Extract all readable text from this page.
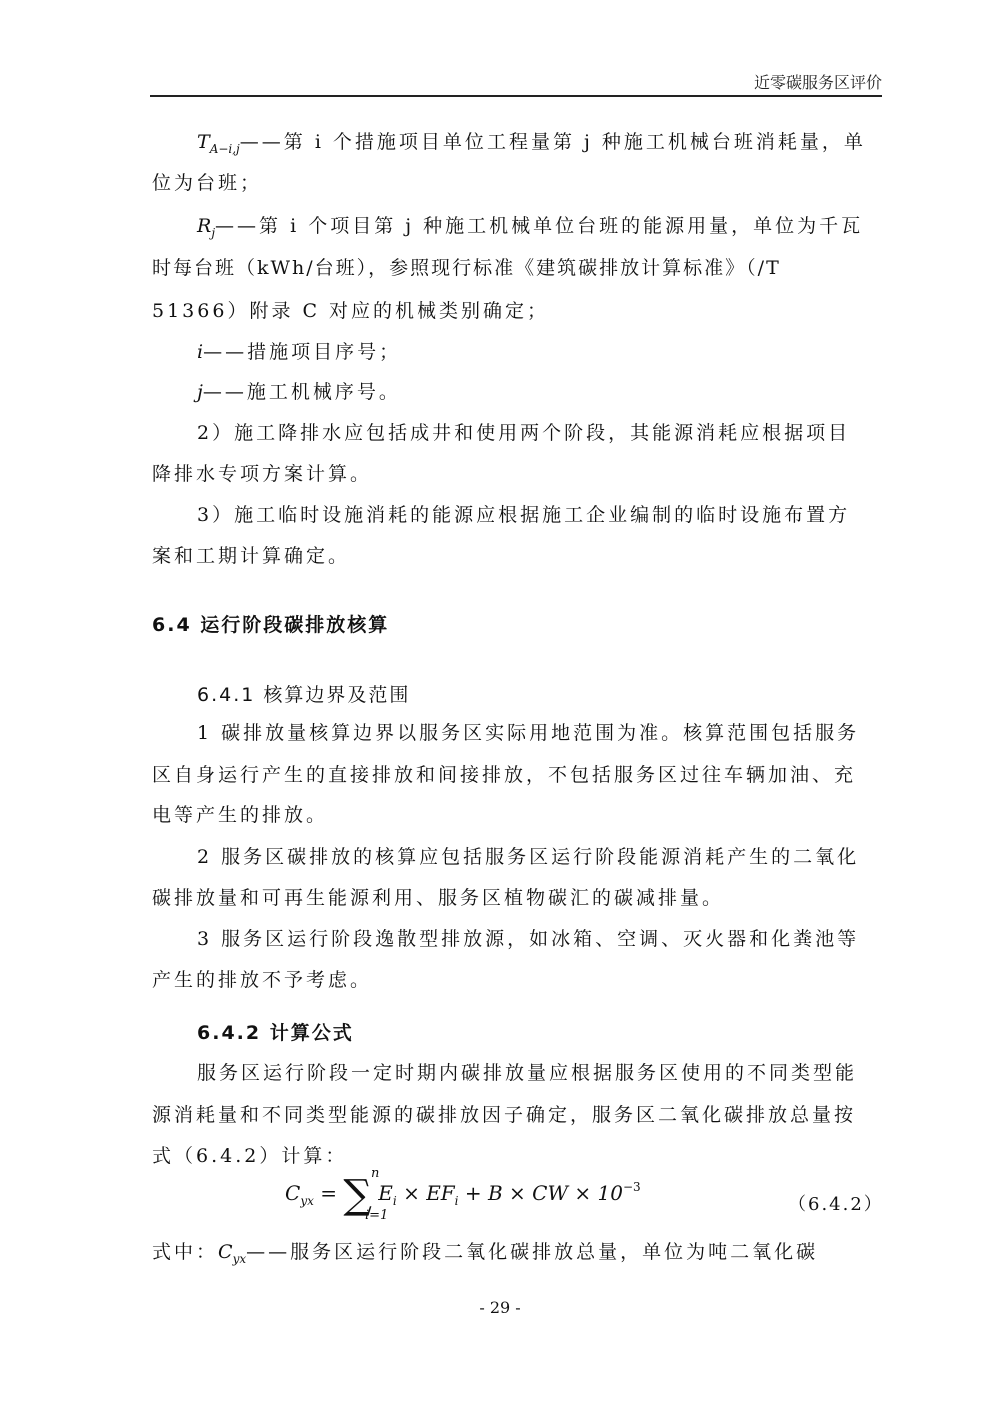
近零碳服务区评价
$T_{A-i,j}——$第 i 个措施项目单位工程量第 j 种施工机械台班消耗量，单
位为台班；
$R_j——$第 i 个项目第 j 种施工机械单位台班的能源用量，单位为千瓦
时每台班（kWh/台班），参照现行标准《建筑碳排放计算标准》（/T
51366）附录 C 对应的机械类别确定；
i——措施项目序号；
j——施工机械序号。
2）施工降排水应包括成井和使用两个阶段，其能源消耗应根据项目
降排水专项方案计算。
3）施工临时设施消耗的能源应根据施工企业编制的临时设施布置方
案和工期计算确定。
6.4 运行阶段碳排放核算
6.4.1 核算边界及范围
1 碳排放量核算边界以服务区实际用地范围为准。核算范围包括服务
区自身运行产生的直接排放和间接排放，不包括服务区过往车辆加油、充
电等产生的排放。
2 服务区碳排放的核算应包括服务区运行阶段能源消耗产生的二氧化
碳排放量和可再生能源利用、服务区植物碳汇的碳减排量。
3 服务区运行阶段逸散型排放源，如冰箱、空调、灭火器和化粪池等
产生的排放不予考虑。
6.4.2 计算公式
服务区运行阶段一定时期内碳排放量应根据服务区使用的不同类型能
源消耗量和不同类型能源的碳排放因子确定，服务区二氧化碳排放总量按
式（6.4.2）计算：
$C_{yx}$ = ∑ n
i=1
$E_i \times EF_i + B$ × CW × $10^{-3}$
（6.4.2）
式中：$C_{yx}——$服务区运行阶段二氧化碳排放总量，单位为吨二氧化碳
- 29 -
